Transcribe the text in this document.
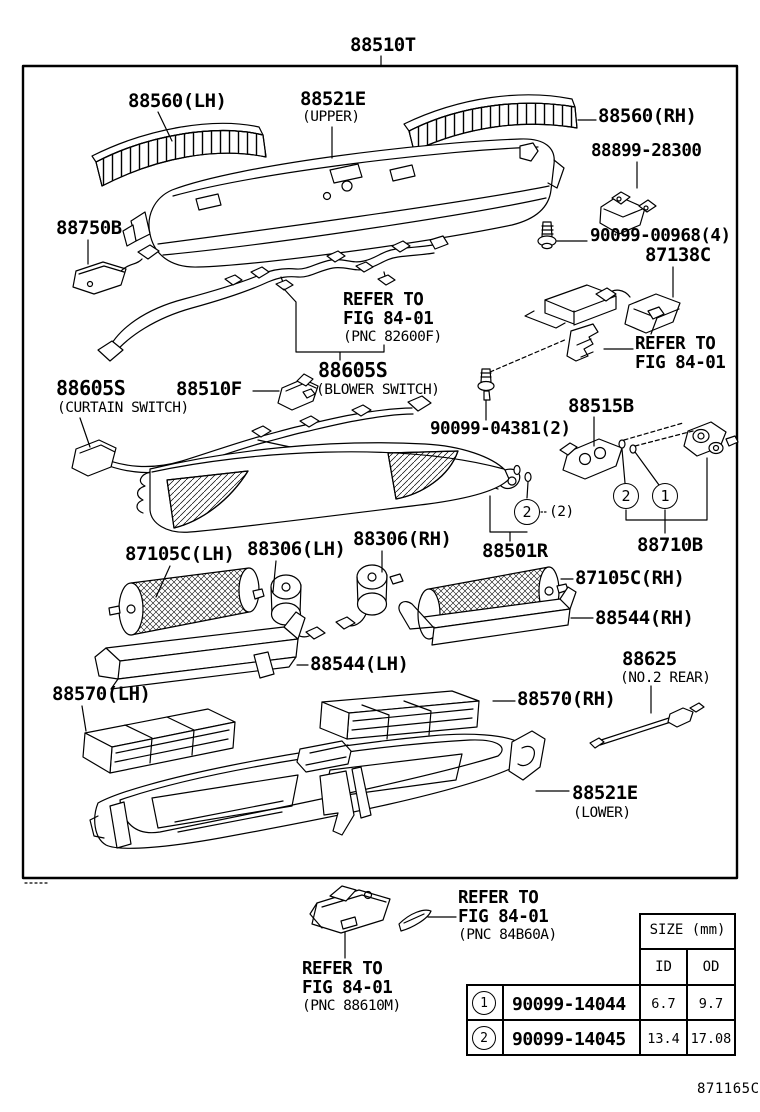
88510T
88560(LH)	88521E
(UPPER)	88560(RH)
88899-28300
88750B	90099-00968(4)
87138C
REFER TO
FIG 84-01
(PNC 82600F)	REFER TO
FIG 84-01
88605S
(BLOWER SWITCH)
88605S
(CURTAIN SWITCH)
88510F
90099-04381(2)
88515B
(2)
88501R	88710B
87105C(LH) 88306(LH) 88306(RH)
87105C(RH)
88544(RH)
88625
(NO.2 REAR)
88544(LH)
88570(LH)	88570(RH)
88521E
(LOWER)
REFER TO
FIG 84-01
(PNC 84B60A)
REFER TO
FIG 84-01
(PNC 88610M)
2
2	1
SIZE (mm)
ID	OD
1	90099-14044	6.7	9.7
2	90099-14045	13.4 17.08
871165C
